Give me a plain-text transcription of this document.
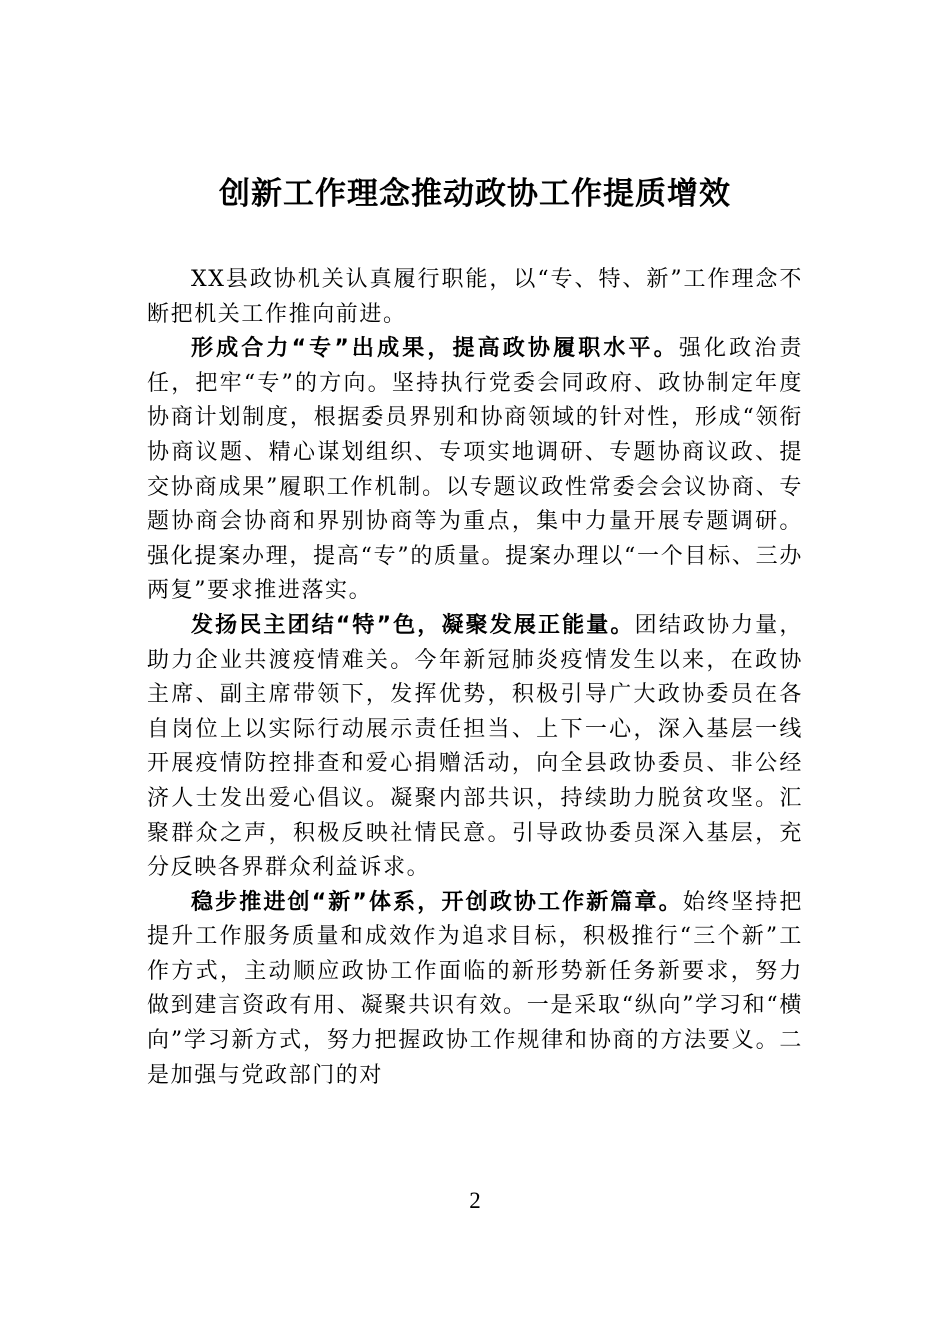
创新工作理念推动政协工作提质增效

XX县政协机关认真履行职能，以“专、特、新”工作理念不断把机关工作推向前进。

形成合力“专”出成果，提高政协履职水平。强化政治责任，把牢“专”的方向。坚持执行党委会同政府、政协制定年度协商计划制度，根据委员界别和协商领域的针对性，形成“领衔协商议题、精心谋划组织、专项实地调研、专题协商议政、提交协商成果”履职工作机制。以专题议政性常委会会议协商、专题协商会协商和界别协商等为重点，集中力量开展专题调研。强化提案办理，提高“专”的质量。提案办理以“一个目标、三办两复”要求推进落实。

发扬民主团结“特”色，凝聚发展正能量。团结政协力量，助力企业共渡疫情难关。今年新冠肺炎疫情发生以来，在政协主席、副主席带领下，发挥优势，积极引导广大政协委员在各自岗位上以实际行动展示责任担当、上下一心，深入基层一线开展疫情防控排查和爱心捐赠活动，向全县政协委员、非公经济人士发出爱心倡议。凝聚内部共识，持续助力脱贫攻坚。汇聚群众之声，积极反映社情民意。引导政协委员深入基层，充分反映各界群众利益诉求。

稳步推进创“新”体系，开创政协工作新篇章。始终坚持把提升工作服务质量和成效作为追求目标，积极推行“三个新”工作方式，主动顺应政协工作面临的新形势新任务新要求，努力做到建言资政有用、凝聚共识有效。一是采取“纵向”学习和“横向”学习新方式，努力把握政协工作规律和协商的方法要义。二是加强与党政部门的对

2
